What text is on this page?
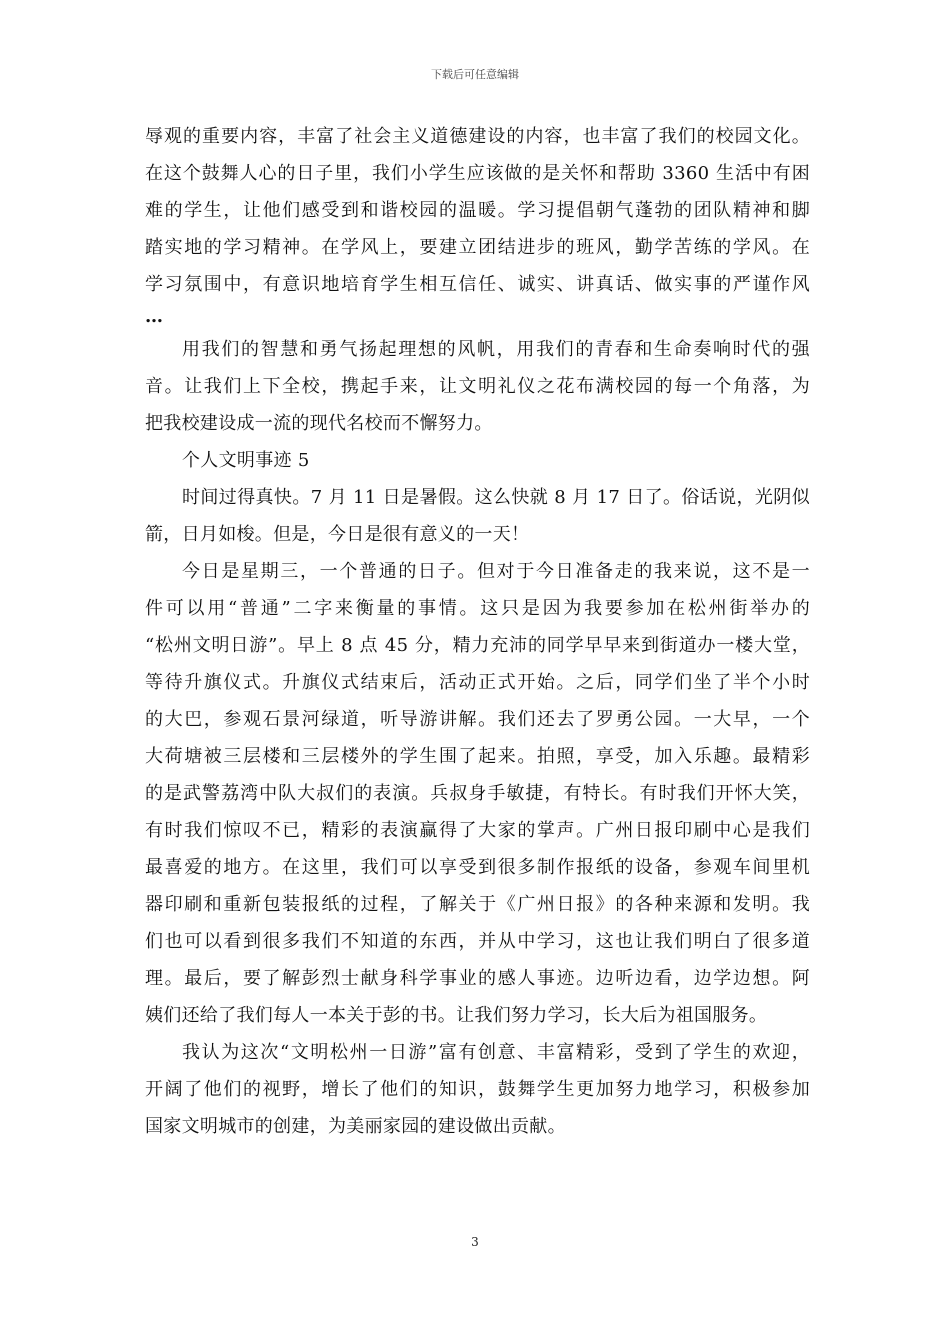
下载后可任意编辑
辱观的重要内容，丰富了社会主义道德建设的内容，也丰富了我们的校园文化。
在这个鼓舞人心的日子里，我们小学生应该做的是关怀和帮助 3360 生活中有困
难的学生，让他们感受到和谐校园的温暖。学习提倡朝气蓬勃的团队精神和脚
踏实地的学习精神。在学风上，要建立团结进步的班风，勤学苦练的学风。在
学习氛围中，有意识地培育学生相互信任、诚实、讲真话、做实事的严谨作风
…
用我们的智慧和勇气扬起理想的风帆，用我们的青春和生命奏响时代的强
音。让我们上下全校，携起手来，让文明礼仪之花布满校园的每一个角落，为
把我校建设成一流的现代名校而不懈努力。
个人文明事迹 5
时间过得真快。7 月 11 日是暑假。这么快就 8 月 17 日了。俗话说，光阴似
箭，日月如梭。但是，今日是很有意义的一天！
今日是星期三，一个普通的日子。但对于今日准备走的我来说，这不是一
件可以用“普通”二字来衡量的事情。这只是因为我要参加在松州街举办的
“松州文明日游”。早上 8 点 45 分，精力充沛的同学早早来到街道办一楼大堂，
等待升旗仪式。升旗仪式结束后，活动正式开始。之后，同学们坐了半个小时
的大巴，参观石景河绿道，听导游讲解。我们还去了罗勇公园。一大早，一个
大荷塘被三层楼和三层楼外的学生围了起来。拍照，享受，加入乐趣。最精彩
的是武警荔湾中队大叔们的表演。兵叔身手敏捷，有特长。有时我们开怀大笑，
有时我们惊叹不已，精彩的表演赢得了大家的掌声。广州日报印刷中心是我们
最喜爱的地方。在这里，我们可以享受到很多制作报纸的设备，参观车间里机
器印刷和重新包装报纸的过程，了解关于《广州日报》的各种来源和发明。我
们也可以看到很多我们不知道的东西，并从中学习，这也让我们明白了很多道
理。最后，要了解彭烈士献身科学事业的感人事迹。边听边看，边学边想。阿
姨们还给了我们每人一本关于彭的书。让我们努力学习，长大后为祖国服务。
我认为这次“文明松州一日游”富有创意、丰富精彩，受到了学生的欢迎，
开阔了他们的视野，增长了他们的知识，鼓舞学生更加努力地学习，积极参加
国家文明城市的创建，为美丽家园的建设做出贡献。
3
